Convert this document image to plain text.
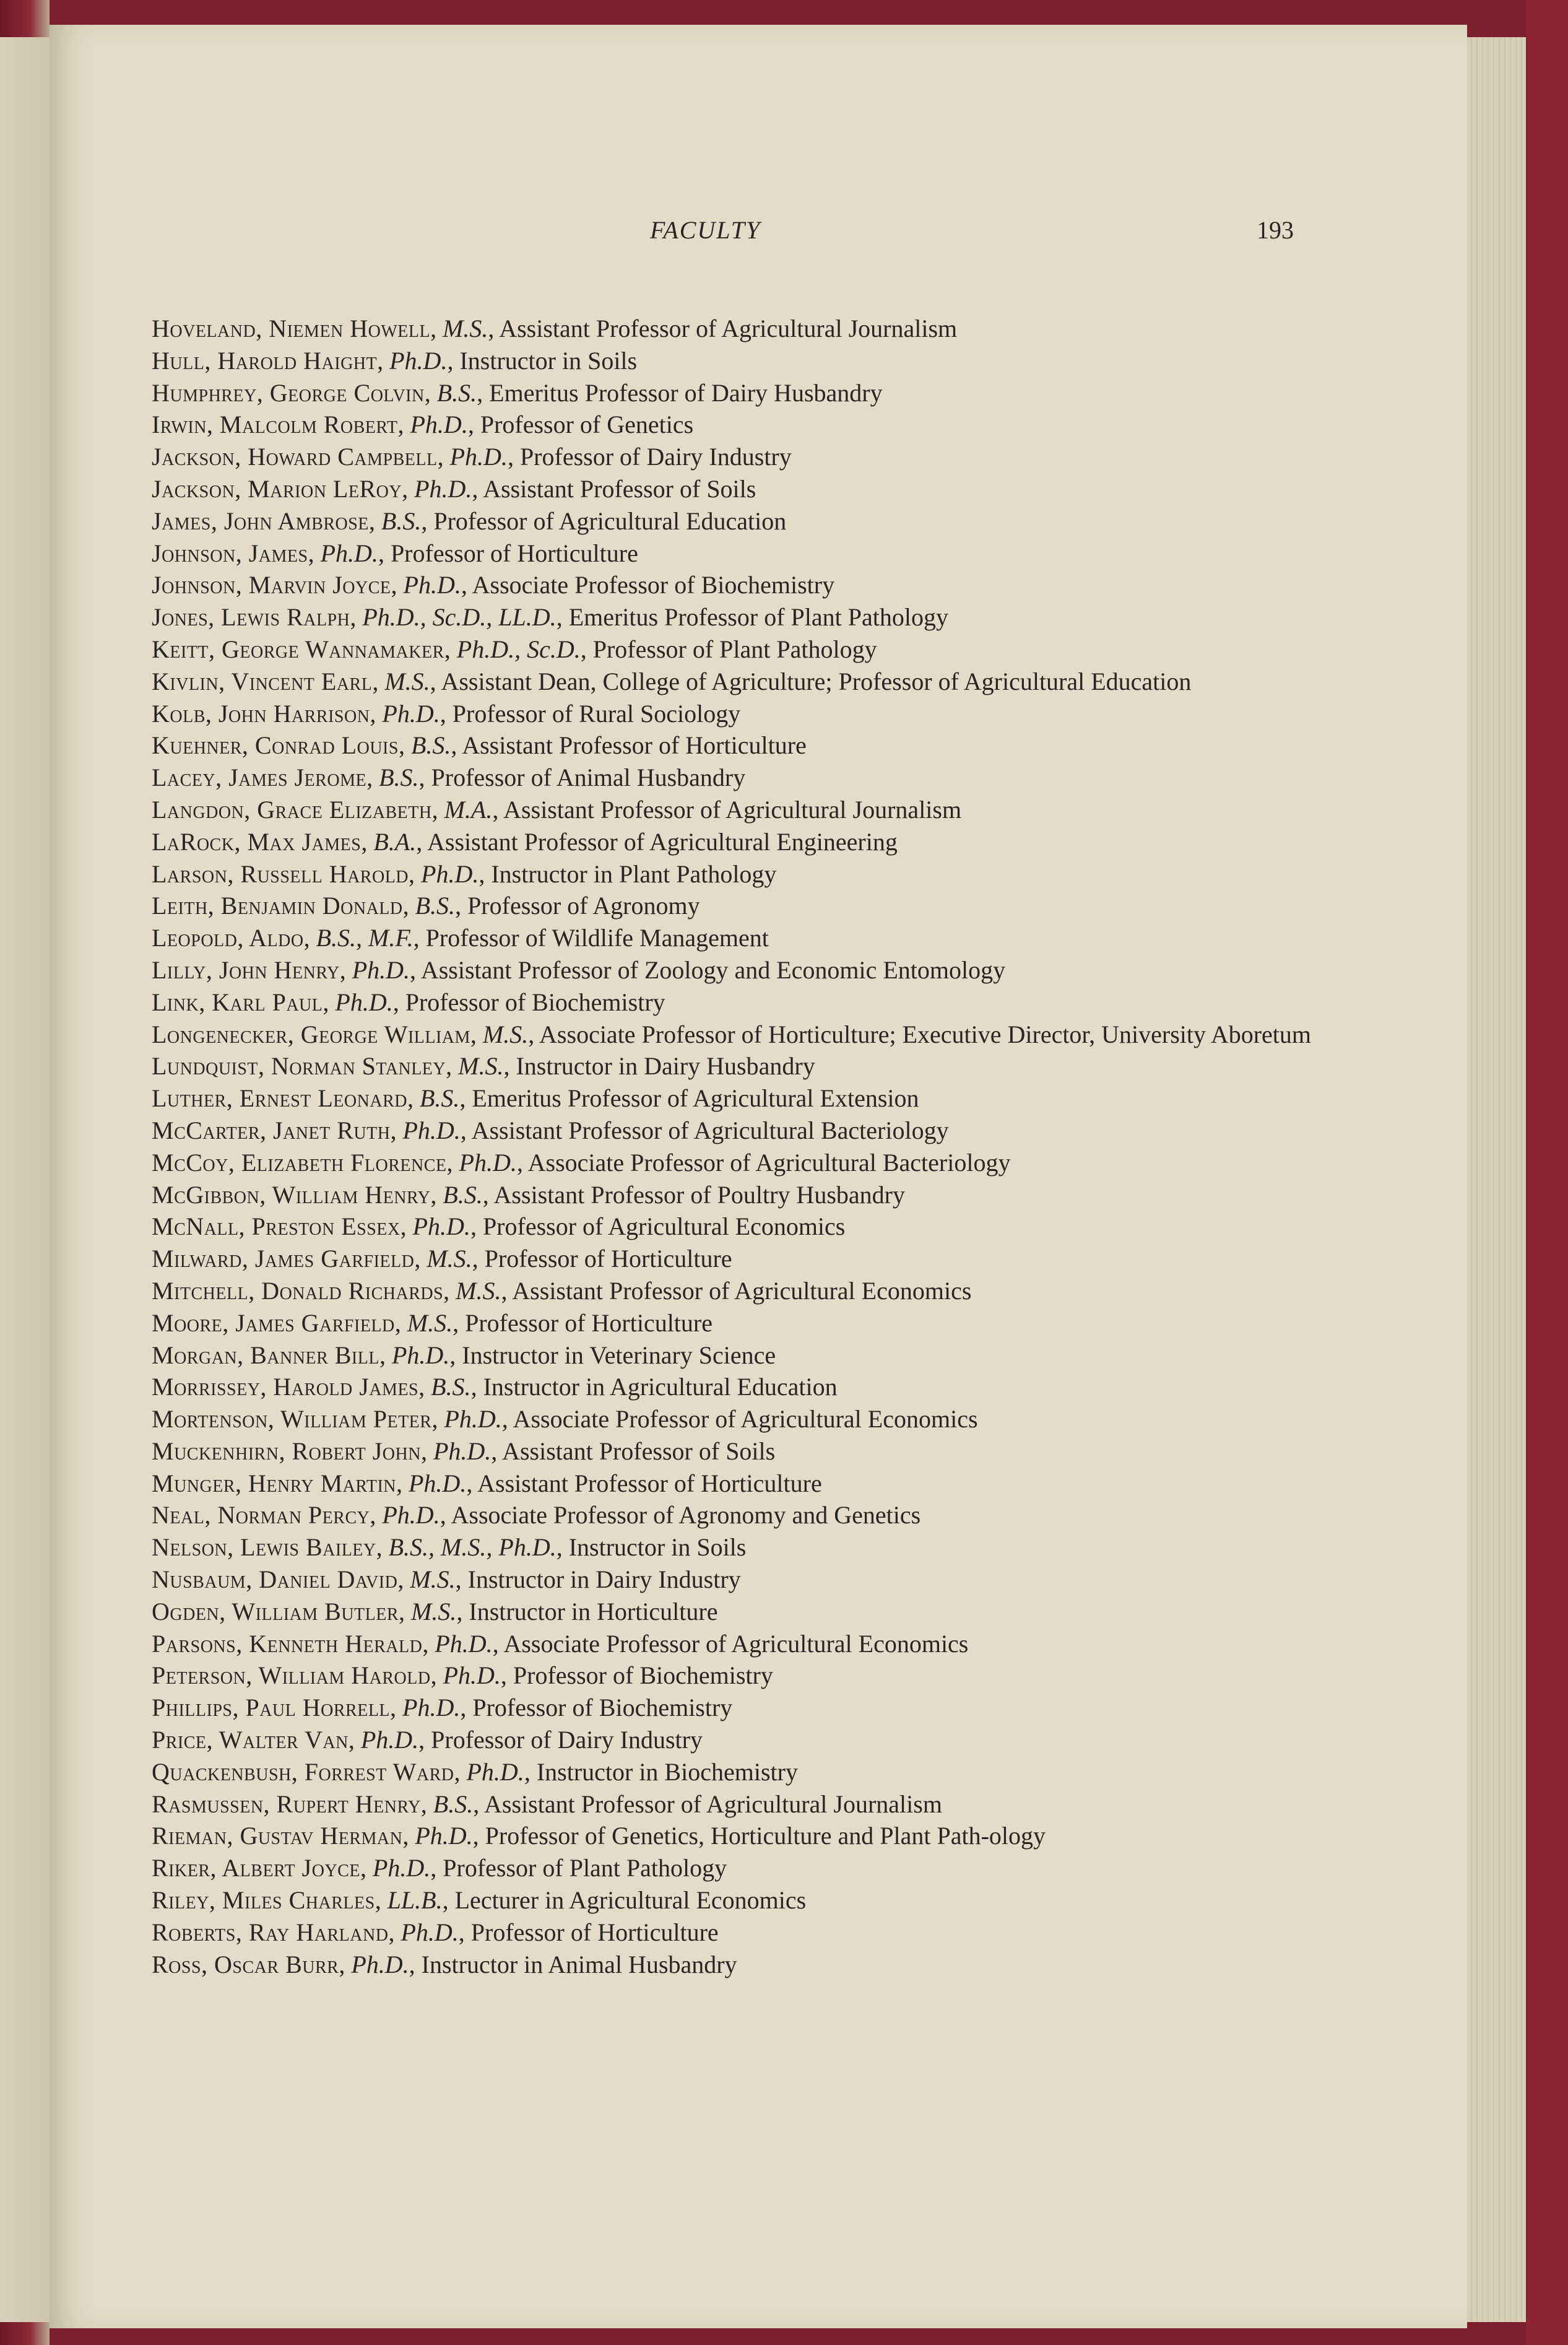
FACULTY	193
Hoveland, Niemen Howell, M.S., Assistant Professor of Agricultural Journalism
Hull, Harold Haight, Ph.D., Instructor in Soils
Humphrey, George Colvin, B.S., Emeritus Professor of Dairy Husbandry
Irwin, Malcolm Robert, Ph.D., Professor of Genetics
Jackson, Howard Campbell, Ph.D., Professor of Dairy Industry
Jackson, Marion LeRoy, Ph.D., Assistant Professor of Soils
James, John Ambrose, B.S., Professor of Agricultural Education
Johnson, James, Ph.D., Professor of Horticulture
Johnson, Marvin Joyce, Ph.D., Associate Professor of Biochemistry
Jones, Lewis Ralph, Ph.D., Sc.D., LL.D., Emeritus Professor of Plant Pathology
Keitt, George Wannamaker, Ph.D., Sc.D., Professor of Plant Pathology
Kivlin, Vincent Earl, M.S., Assistant Dean, College of Agriculture; Professor of Agricultural Education
Kolb, John Harrison, Ph.D., Professor of Rural Sociology
Kuehner, Conrad Louis, B.S., Assistant Professor of Horticulture
Lacey, James Jerome, B.S., Professor of Animal Husbandry
Langdon, Grace Elizabeth, M.A., Assistant Professor of Agricultural Journalism
LaRock, Max James, B.A., Assistant Professor of Agricultural Engineering
Larson, Russell Harold, Ph.D., Instructor in Plant Pathology
Leith, Benjamin Donald, B.S., Professor of Agronomy
Leopold, Aldo, B.S., M.F., Professor of Wildlife Management
Lilly, John Henry, Ph.D., Assistant Professor of Zoology and Economic Entomology
Link, Karl Paul, Ph.D., Professor of Biochemistry
Longenecker, George William, M.S., Associate Professor of Horticulture; Executive Director, University Aboretum
Lundquist, Norman Stanley, M.S., Instructor in Dairy Husbandry
Luther, Ernest Leonard, B.S., Emeritus Professor of Agricultural Extension
McCarter, Janet Ruth, Ph.D., Assistant Professor of Agricultural Bacteriology
McCoy, Elizabeth Florence, Ph.D., Associate Professor of Agricultural Bacteriology
McGibbon, William Henry, B.S., Assistant Professor of Poultry Husbandry
McNall, Preston Essex, Ph.D., Professor of Agricultural Economics
Milward, James Garfield, M.S., Professor of Horticulture
Mitchell, Donald Richards, M.S., Assistant Professor of Agricultural Economics
Moore, James Garfield, M.S., Professor of Horticulture
Morgan, Banner Bill, Ph.D., Instructor in Veterinary Science
Morrissey, Harold James, B.S., Instructor in Agricultural Education
Mortenson, William Peter, Ph.D., Associate Professor of Agricultural Economics
Muckenhirn, Robert John, Ph.D., Assistant Professor of Soils
Munger, Henry Martin, Ph.D., Assistant Professor of Horticulture
Neal, Norman Percy, Ph.D., Associate Professor of Agronomy and Genetics
Nelson, Lewis Bailey, B.S., M.S., Ph.D., Instructor in Soils
Nusbaum, Daniel David, M.S., Instructor in Dairy Industry
Ogden, William Butler, M.S., Instructor in Horticulture
Parsons, Kenneth Herald, Ph.D., Associate Professor of Agricultural Economics
Peterson, William Harold, Ph.D., Professor of Biochemistry
Phillips, Paul Horrell, Ph.D., Professor of Biochemistry
Price, Walter Van, Ph.D., Professor of Dairy Industry
Quackenbush, Forrest Ward, Ph.D., Instructor in Biochemistry
Rasmussen, Rupert Henry, B.S., Assistant Professor of Agricultural Journalism
Rieman, Gustav Herman, Ph.D., Professor of Genetics, Horticulture and Plant Path-ology
Riker, Albert Joyce, Ph.D., Professor of Plant Pathology
Riley, Miles Charles, LL.B., Lecturer in Agricultural Economics
Roberts, Ray Harland, Ph.D., Professor of Horticulture
Ross, Oscar Burr, Ph.D., Instructor in Animal Husbandry
